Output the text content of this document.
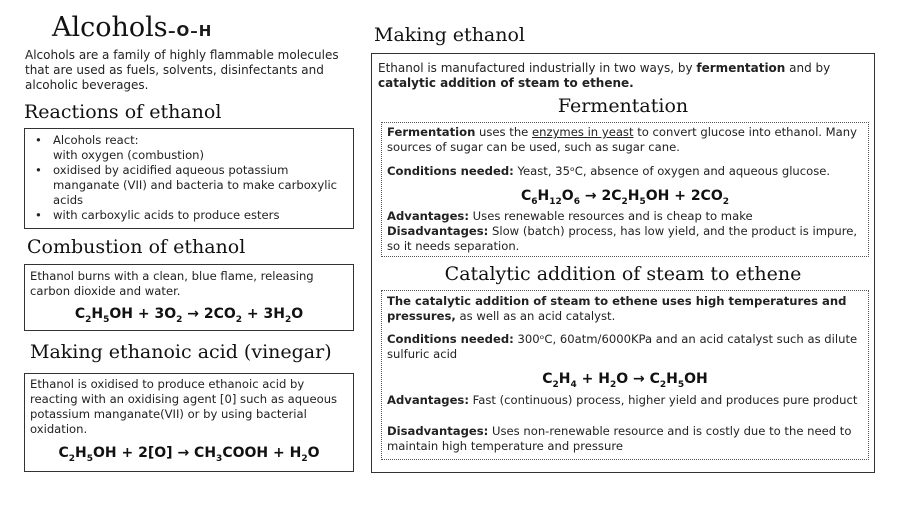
Alcohols –O–H
Alcohols are a family of highly flammable molecules that are used as fuels, solvents, disinfectants and alcoholic beverages.
Reactions of ethanol
• Alcohols react:
with oxygen (combustion)
• oxidised by acidified aqueous potassium manganate (VII) and bacteria to make carboxylic acids
• with carboxylic acids to produce esters
Combustion of ethanol
Ethanol burns with a clean, blue flame, releasing carbon dioxide and water.
$C_2H_5OH + 3O_2 \to 2CO_2 + 3H_2O$
Making ethanoic acid (vinegar)
Ethanol is oxidised to produce ethanoic acid by reacting with an oxidising agent [0] such as aqueous potassium manganate(VII) or by using bacterial oxidation.
$C_2H_5OH + 2[O]$ → $CH_3COOH + H_2O$
Making ethanol
Ethanol is manufactured industrially in two ways, by fermentation and by catalytic addition of steam to ethene.
Fermentation
Fermentation uses the enzymes in yeast to convert glucose into ethanol. Many sources of sugar can be used, such as sugar cane.
Conditions needed: Yeast, 35ᵒC, absence of oxygen and aqueous glucose.
$C_6H_{12}O_6 \to 2C_2H_5OH + 2CO_2$
Advantages: Uses renewable resources and is cheap to make
Disadvantages: Slow (batch) process, has low yield, and the product is impure, so it needs separation.
Catalytic addition of steam to ethene
The catalytic addition of steam to ethene uses high temperatures and pressures, as well as an acid catalyst.
Conditions needed: 300ᵒC, 60atm/6000KPa and an acid catalyst such as dilute sulfuric acid
$C_2H_4 + H_2O \to C_2H_5OH$
Advantages: Fast (continuous) process, higher yield and produces pure product
Disadvantages: Uses non-renewable resource and is costly due to the need to maintain high temperature and pressure
